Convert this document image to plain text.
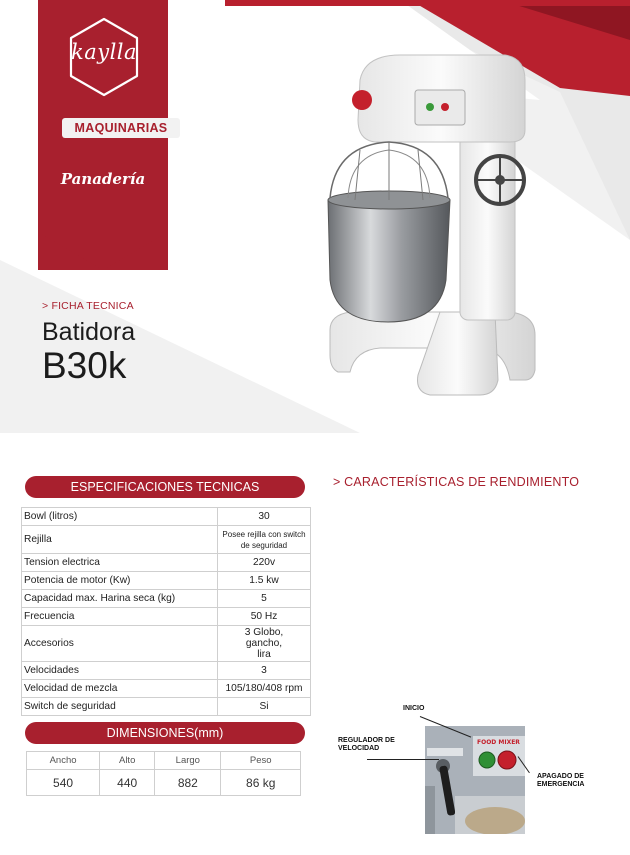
kaylla
MAQUINARIAS
Panadería
> FICHA TECNICA
Batidora
B30k
ESPECIFICACIONES TECNICAS	> CARACTERÍSTICAS DE RENDIMIENTO
Bowl (litros)	30
Rejilla	Posee rejilla con switch de seguridad
Tension electrica	220v
Potencia de motor (Kw)	1.5 kw
Capacidad max. Harina seca (kg)	5
Frecuencia	50 Hz
Accesorios	3 Globo, gancho, lira
Velocidades	3
Velocidad de mezcla	105/180/408 rpm
Switch de seguridad	Si
DIMENSIONES(mm)
Ancho	Alto	Largo	Peso
540	440	882	86 kg
FOOD MIXER
INICIO
REGULADOR DE VELOCIDAD
APAGADO DE EMERGENCIA
